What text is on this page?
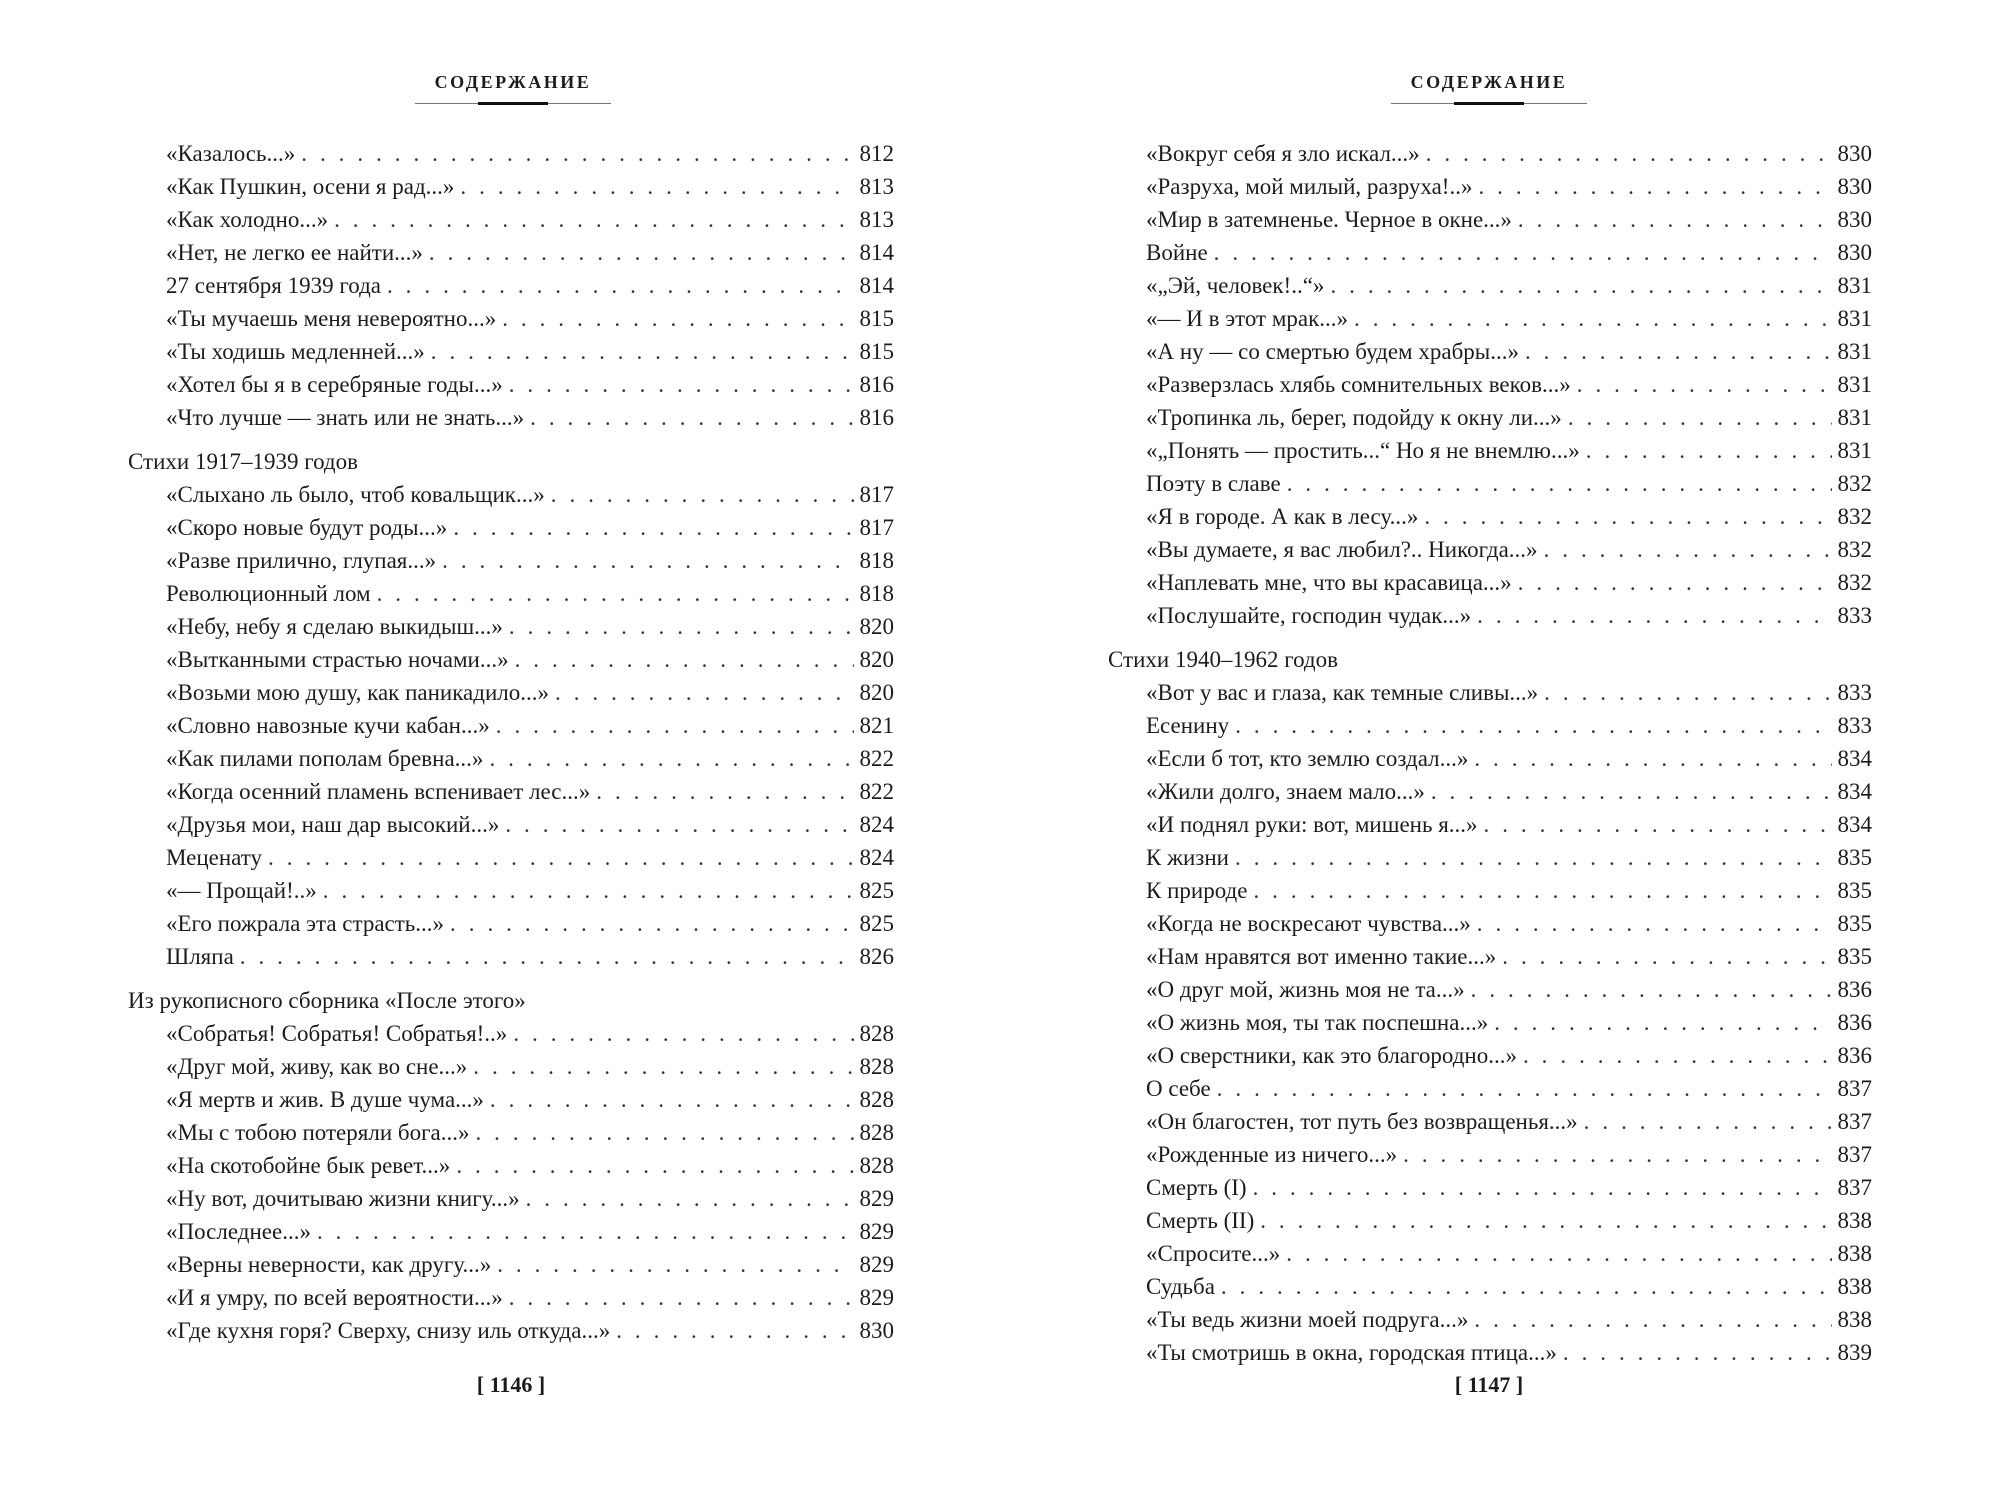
СОДЕРЖАНИЕ
«Казалось...» . . .	812
«Как Пушкин, осени я рад...» . . .	813
«Как холодно...» . . .	813
«Нет, не легко ее найти...» . . .	814
27 сентября 1939 года . . .	814
«Ты мучаешь меня невероятно...» . . .	815
«Ты ходишь медленней...» . . .	815
«Хотел бы я в серебряные годы...» . . .	816
«Что лучше — знать или не знать...» . . .	816
Стихи 1917–1939 годов
«Слыхано ль было, чтоб ковальщик...» . . .	817
«Скоро новые будут роды...» . . .	817
«Разве прилично, глупая...» . . .	818
Революционный лом . . .	818
«Небу, небу я сделаю выкидыш...» . . .	820
«Вытканными страстью ночами...» . . .	820
«Возьми мою душу, как паникадило...» . . .	820
«Словно навозные кучи кабан...» . . .	821
«Как пилами пополам бревна...» . . .	822
«Когда осенний пламень вспенивает лес...» . . .	822
«Друзья мои, наш дар высокий...» . . .	824
Меценату . . .	824
«— Прощай!..» . . .	825
«Его пожрала эта страсть...» . . .	825
Шляпа . . .	826
Из рукописного сборника «После этого»
«Собратья! Собратья! Собратья!..» . . .	828
«Друг мой, живу, как во сне...» . . .	828
«Я мертв и жив. В душе чума...» . . .	828
«Мы с тобою потеряли бога...» . . .	828
«На скотобойне бык ревет...» . . .	828
«Ну вот, дочитываю жизни книгу...» . . .	829
«Последнее...» . . .	829
«Верны неверности, как другу...» . . .	829
«И я умру, по всей вероятности...» . . .	829
«Где кухня горя? Сверху, снизу иль откуда...» . . .	830
[ 1146 ]
СОДЕРЖАНИЕ
«Вокруг себя я зло искал...» . . .	830
«Разруха, мой милый, разруха!..» . . .	830
«Мир в затемненье. Черное в окне...» . . .	830
Войне . . .	830
«„Эй, человек!..“» . . .	831
«— И в этот мрак...» . . .	831
«А ну — со смертью будем храбры...» . . .	831
«Разверзлась хлябь сомнительных веков...» . . .	831
«Тропинка ль, берег, подойду к окну ли...» . . .	831
«„Понять — простить...“ Но я не внемлю...» . . .	831
Поэту в славе . . .	832
«Я в городе. А как в лесу...» . . .	832
«Вы думаете, я вас любил?.. Никогда...» . . .	832
«Наплевать мне, что вы красавица...» . . .	832
«Послушайте, господин чудак...» . . .	833
Стихи 1940–1962 годов
«Вот у вас и глаза, как темные сливы...» . . .	833
Есенину . . .	833
«Если б тот, кто землю создал...» . . .	834
«Жили долго, знаем мало...» . . .	834
«И поднял руки: вот, мишень я...» . . .	834
К жизни . . .	835
К природе . . .	835
«Когда не воскресают чувства...» . . .	835
«Нам нравятся вот именно такие...» . . .	835
«О друг мой, жизнь моя не та...» . . .	836
«О жизнь моя, ты так поспешна...» . . .	836
«О сверстники, как это благородно...» . . .	836
О себе . . .	837
«Он благостен, тот путь без возвращенья...» . . .	837
«Рожденные из ничего...» . . .	837
Смерть (I) . . .	837
Смерть (II) . . .	838
«Спросите...» . . .	838
Судьба . . .	838
«Ты ведь жизни моей подруга...» . . .	838
«Ты смотришь в окна, городская птица...» . . .	839
[ 1147 ]
